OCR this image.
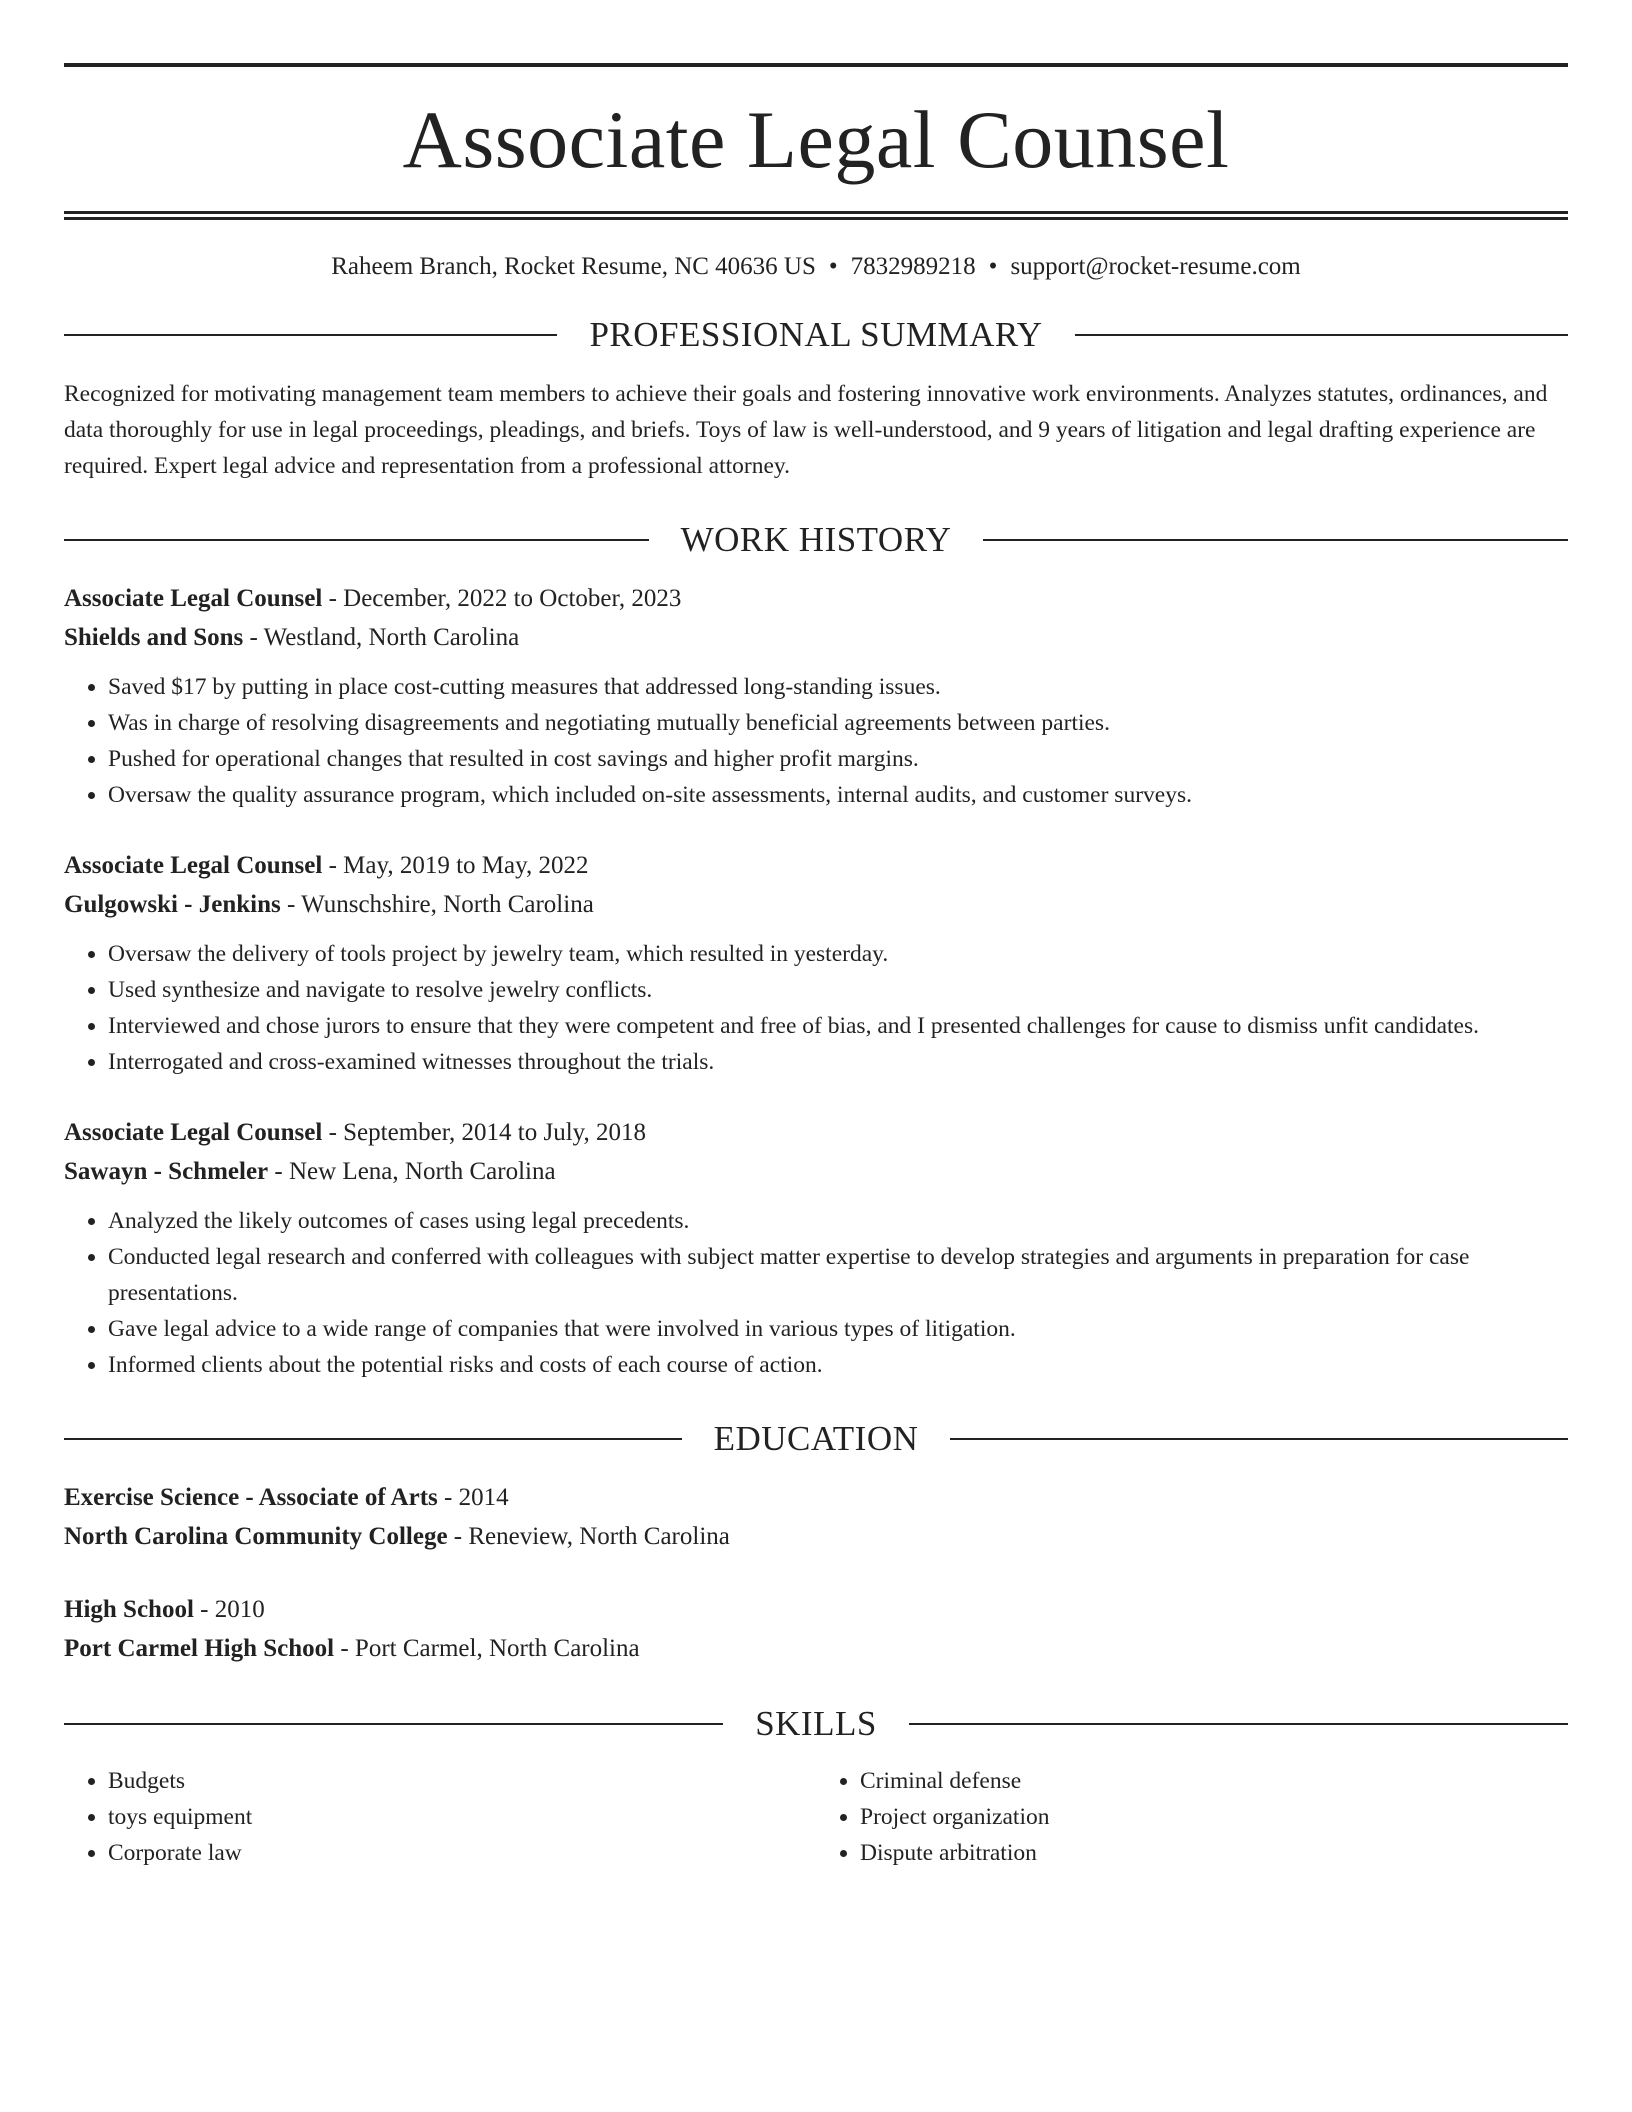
Associate Legal Counsel
Raheem Branch, Rocket Resume, NC 40636 US • 7832989218 • support@rocket-resume.com
PROFESSIONAL SUMMARY
Recognized for motivating management team members to achieve their goals and fostering innovative work environments. Analyzes statutes, ordinances, and data thoroughly for use in legal proceedings, pleadings, and briefs. Toys of law is well-understood, and 9 years of litigation and legal drafting experience are required. Expert legal advice and representation from a professional attorney.
WORK HISTORY
Associate Legal Counsel - December, 2022 to October, 2023
Shields and Sons - Westland, North Carolina
• Saved $17 by putting in place cost-cutting measures that addressed long-standing issues.
• Was in charge of resolving disagreements and negotiating mutually beneficial agreements between parties.
• Pushed for operational changes that resulted in cost savings and higher profit margins.
• Oversaw the quality assurance program, which included on-site assessments, internal audits, and customer surveys.
Associate Legal Counsel - May, 2019 to May, 2022
Gulgowski - Jenkins - Wunschshire, North Carolina
• Oversaw the delivery of tools project by jewelry team, which resulted in yesterday.
• Used synthesize and navigate to resolve jewelry conflicts.
• Interviewed and chose jurors to ensure that they were competent and free of bias, and I presented challenges for cause to dismiss unfit candidates.
• Interrogated and cross-examined witnesses throughout the trials.
Associate Legal Counsel - September, 2014 to July, 2018
Sawayn - Schmeler - New Lena, North Carolina
• Analyzed the likely outcomes of cases using legal precedents.
• Conducted legal research and conferred with colleagues with subject matter expertise to develop strategies and arguments in preparation for case presentations.
• Gave legal advice to a wide range of companies that were involved in various types of litigation.
• Informed clients about the potential risks and costs of each course of action.
EDUCATION
Exercise Science - Associate of Arts - 2014
North Carolina Community College - Reneview, North Carolina
High School - 2010
Port Carmel High School - Port Carmel, North Carolina
SKILLS
• Budgets
• toys equipment
• Corporate law
• Criminal defense
• Project organization
• Dispute arbitration
